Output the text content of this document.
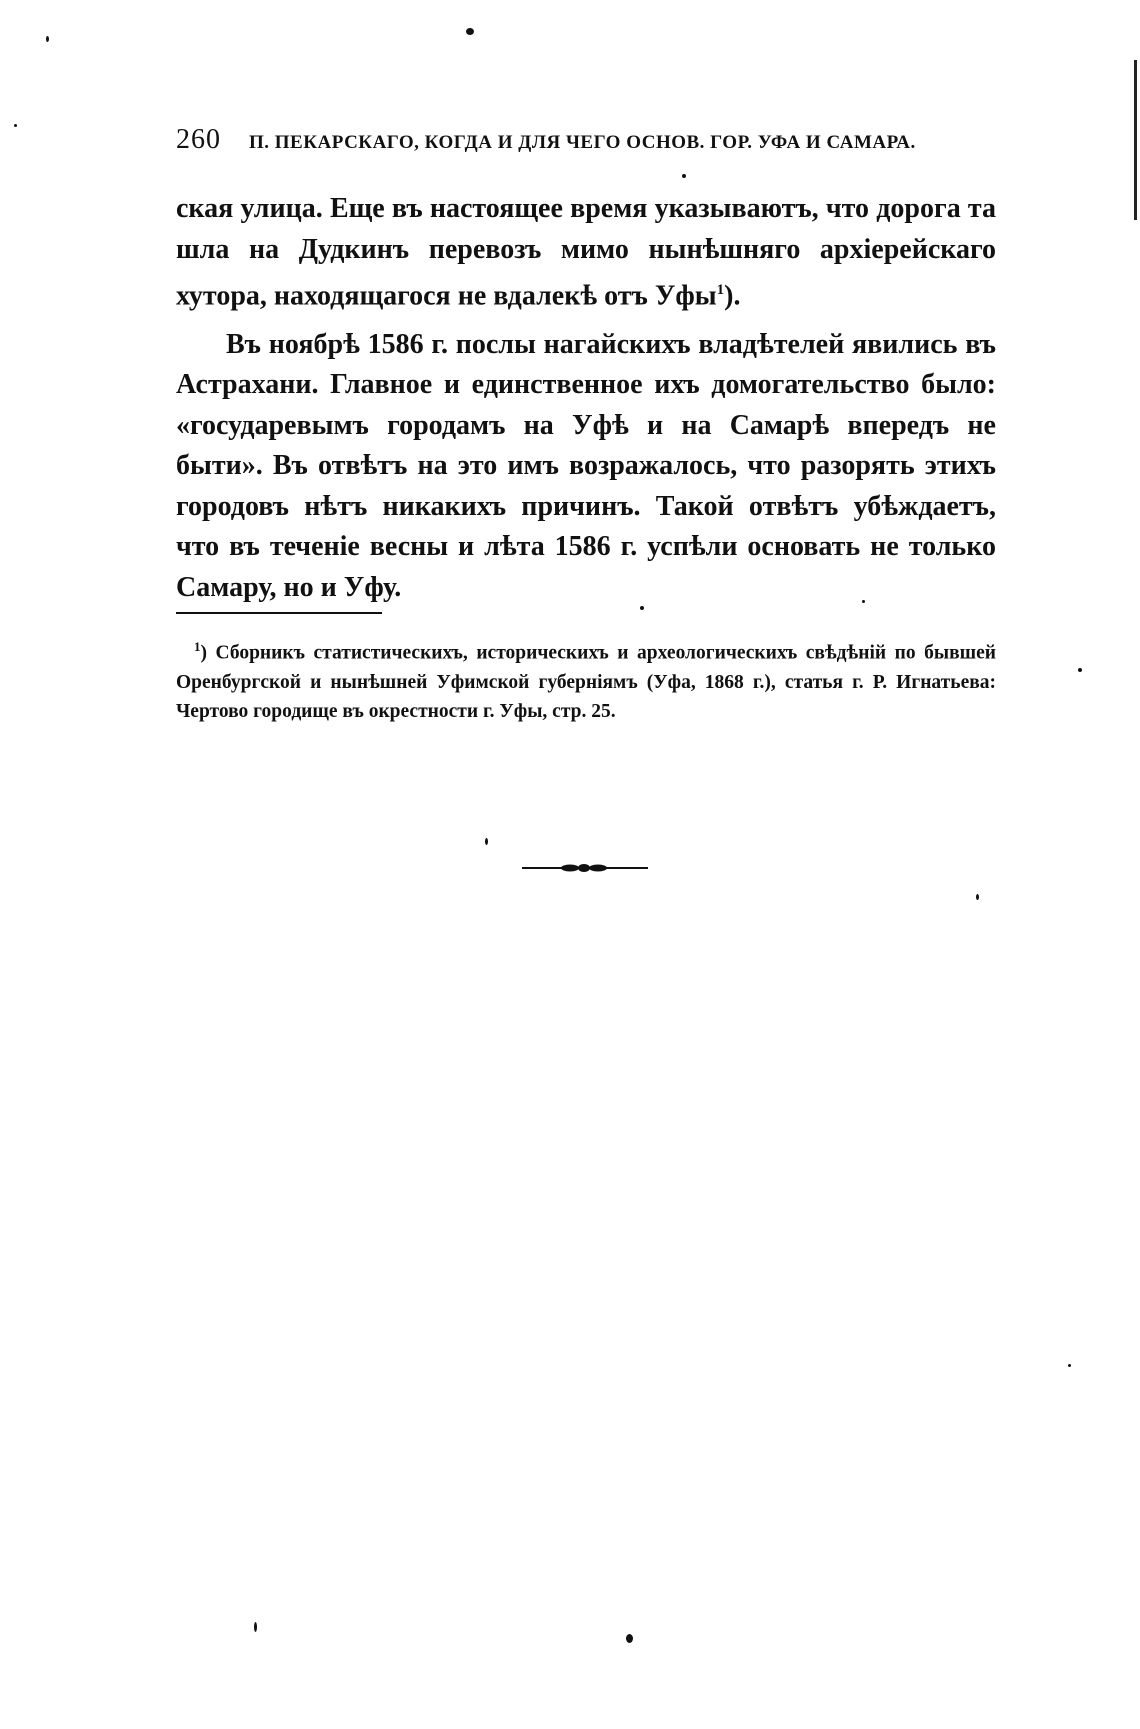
260 П. ПЕКАРСКАГО, КОГДА И ДЛЯ ЧЕГО ОСНОВ. ГОР. УФА И САМАРА.

ская улица. Еще въ настоящее время указываютъ, что дорога та шла на Дудкинъ перевозъ мимо нынѣшняго архіерейскаго хутора, находящагося не вдалекѣ отъ Уфы$^1$).

Въ ноябрѣ 1586 г. послы нагайскихъ владѣтелей явились въ Астрахани. Главное и единственное ихъ домогательство было: «государевымъ городамъ на Уфѣ и на Самарѣ впередъ не быти». Въ отвѣтъ на это имъ возражалось, что разорять этихъ городовъ нѣтъ никакихъ причинъ. Такой отвѣтъ убѣждаетъ, что въ теченіе весны и лѣта 1586 г. успѣли основать не только Самару, но и Уфу.

$^1$) Сборникъ статистическихъ, историческихъ и археологическихъ свѣдѣній по бывшей Оренбургской и нынѣшней Уфимской губерніямъ (Уфа, 1868 г.), статья г. Р. Игнатьева: Чертово городище въ окрестности г. Уфы, стр. 25.
